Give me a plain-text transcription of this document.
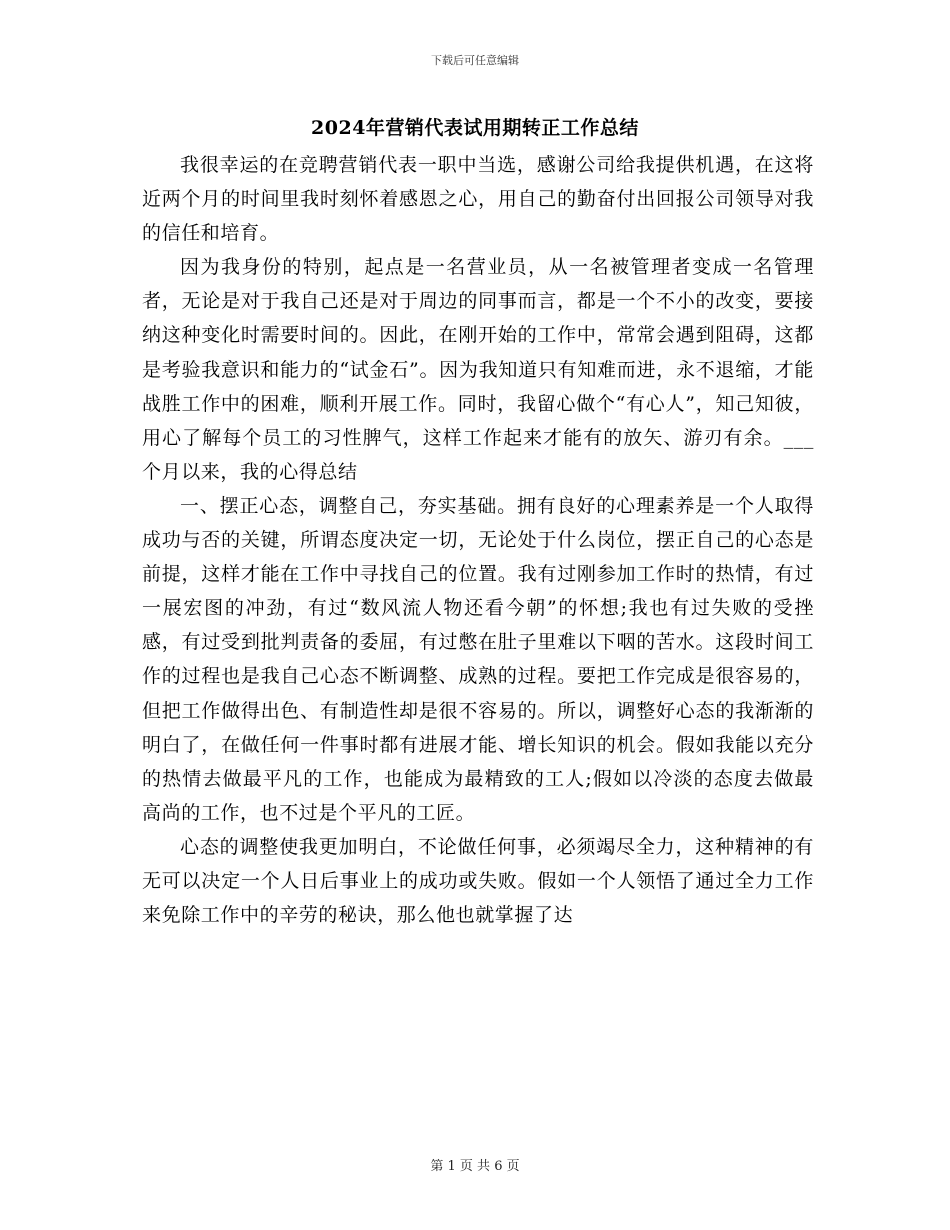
下载后可任意编辑
2024年营销代表试用期转正工作总结

我很幸运的在竞聘营销代表一职中当选，感谢公司给我提供机遇，在这将近两个月的时间里我时刻怀着感恩之心，用自己的勤奋付出回报公司领导对我的信任和培育。

因为我身份的特别，起点是一名营业员，从一名被管理者变成一名管理者，无论是对于我自己还是对于周边的同事而言，都是一个不小的改变，要接纳这种变化时需要时间的。因此，在刚开始的工作中，常常会遇到阻碍，这都是考验我意识和能力的“试金石”。因为我知道只有知难而进，永不退缩，才能战胜工作中的困难，顺利开展工作。同时，我留心做个“有心人”，知己知彼，用心了解每个员工的习性脾气，这样工作起来才能有的放矢、游刃有余。___个月以来，我的心得总结

一、摆正心态，调整自己，夯实基础。拥有良好的心理素养是一个人取得成功与否的关键，所谓态度决定一切，无论处于什么岗位，摆正自己的心态是前提，这样才能在工作中寻找自己的位置。我有过刚参加工作时的热情，有过一展宏图的冲劲，有过“数风流人物还看今朝”的怀想;我也有过失败的受挫感，有过受到批判责备的委屈，有过憋在肚子里难以下咽的苦水。这段时间工作的过程也是我自己心态不断调整、成熟的过程。要把工作完成是很容易的，但把工作做得出色、有制造性却是很不容易的。所以，调整好心态的我渐渐的明白了，在做任何一件事时都有进展才能、增长知识的机会。假如我能以充分的热情去做最平凡的工作，也能成为最精致的工人;假如以冷淡的态度去做最高尚的工作，也不过是个平凡的工匠。

心态的调整使我更加明白，不论做任何事，必须竭尽全力，这种精神的有无可以决定一个人日后事业上的成功或失败。假如一个人领悟了通过全力工作来免除工作中的辛劳的秘诀，那么他也就掌握了达

第 1 页 共 6 页
